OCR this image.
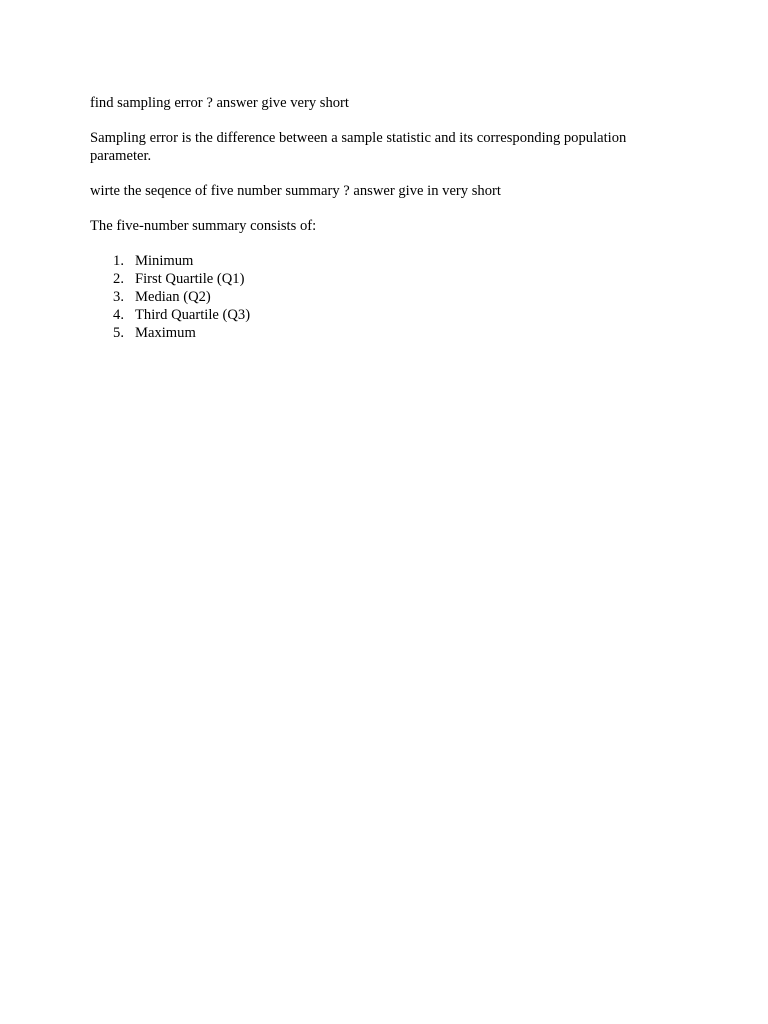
find sampling error ? answer give very short

Sampling error is the difference between a sample statistic and its corresponding population parameter.

wirte the seqence of five number summary ? answer give in very short

The five-number summary consists of:

1. Minimum
2. First Quartile (Q1)
3. Median (Q2)
4. Third Quartile (Q3)
5. Maximum
